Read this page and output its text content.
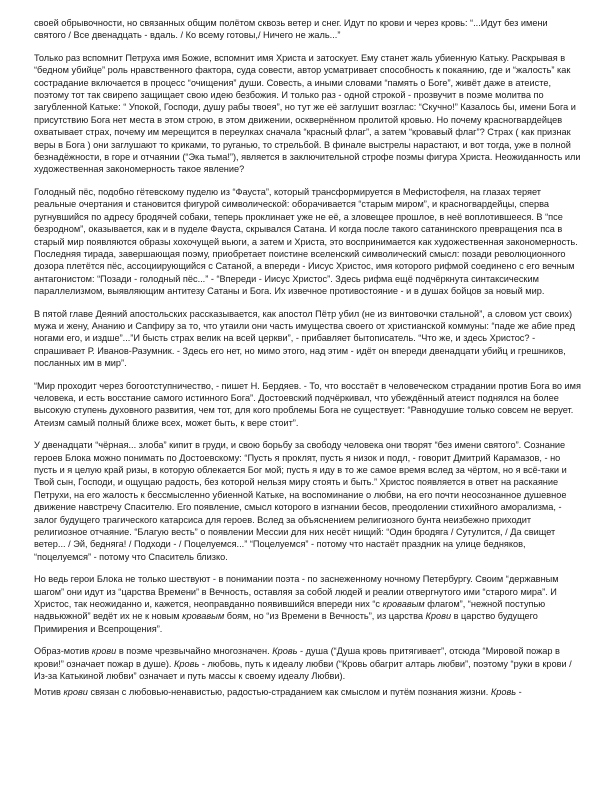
своей обрывочности, но связанных общим полётом сквозь ветер и снег. Идут по крови и через кровь: “...Идут без имени святого / Все двенадцать - вдаль. / Ко всему готовы,/ Ничего не жаль...”

Только раз вспомнит Петруха имя Божие, вспомнит имя Христа и затоскует. Ему станет жаль убиенную Катьку. Раскрывая в “бедном убийце” роль нравственного фактора, суда совести, автор усматривает способность к покаянию, где и “жалость” как сострадание включается в процесс “очищения” души. Совесть, а иными словами “память о Боге”, живёт даже в атеисте, поэтому тот так свирепо защищает свою идею безбожия. И только раз - одной строкой - прозвучит в поэме молитва по загубленной Катьке: “ Упокой, Господи, душу рабы твоея”, но тут же её заглушит возглас: “Скучно!” Казалось бы, имени Бога и присутствию Бога нет места в этом строю, в этом движении, осквернённом пролитой кровью. Но почему красногвардейцев охватывает страх, почему им мерещится в переулках сначала “красный флаг”, а затем “кровавый флаг”? Страх ( как признак веры в Бога ) они заглушают то криками, то руганью, то стрельбой. В финале выстрелы нарастают, и вот тогда, уже в полной безнадёжности, в горе и отчаянии (“Эка тьма!”), является в заключительной строфе поэмы фигура Христа. Неожиданность или художественная закономерность такое явление?

Голодный пёс, подобно гётевскому пуделю из “Фауста”, который трансформируется в Мефистофеля, на глазах теряет реальные очертания и становится фигурой символической: оборачивается “старым миром”, и красногвардейцы, сперва ругнувшийся по адресу бродячей собаки, теперь проклинает уже не её, а зловещее прошлое, в неё воплотившееся. В “псе безродном”, оказывается, как и в пуделе Фауста, скрывался Сатана. И когда после такого сатанинского превращения пса в старый мир появляются образы хохочущей вьюги, а затем и Христа, это воспринимается как художественная закономерность. Последняя тирада, завершающая поэму, приобретает поистине вселенский символический смысл: позади революционного дозора плетётся пёс, ассоциирующийся с Сатаной, а впереди - Иисус Христос, имя которого рифмой соединено с его вечным антагонистом: “Позади - голодный пёс...” - “Впереди - Иисус Христос”. Здесь рифма ещё подчёркнута синтаксическим параллелизмом, выявляющим антитезу Сатаны и Бога. Их извечное противостояние - и в душах бойцов за новый мир.

В пятой главе Деяний апостольских рассказывается, как апостол Пётр убил (не из винтовочки стальной”, а словом уст своих) мужа и жену, Ананию и Сапфиру за то, что утаили они часть имущества своего от христианской коммуны: “паде же абие пред ногами его, и издше”...”И бысть страх велик на всей церкви”, - прибавляет бытописатель. “Что же, и здесь Христос? - спрашивает Р. Иванов-Разумник. - Здесь его нет, но мимо этого, над этим - идёт он впереди двенадцати убийц и грешников, посланных им в мир”.

“Мир проходит через богоотступничество, - пишет Н. Бердяев. - То, что восстаёт в человеческом страдании против Бога во имя человека, и есть восстание самого истинного Бога”. Достоевский подчёркивал, что убеждённый атеист поднялся на более высокую ступень духовного развития, чем тот, для кого проблемы Бога не существует: “Равнодушие только совсем не верует. Атеизм самый полный ближе всех, может быть, к вере стоит”.

У двенадцати “чёрная... злоба” кипит в груди, и свою борьбу за свободу человека они творят “без имени святого”. Сознание героев Блока можно понимать по Достоевскому: “Пусть я проклят, пусть я низок и подл, - говорит Дмитрий Карамазов, - но пусть и я целую край ризы, в которую облекается Бог мой; пусть я иду в то же самое время вслед за чёртом, но я всё-таки и Твой сын, Господи, и ощущаю радость, без которой нельзя миру стоять и быть.” Христос появляется в ответ на раскаяние Петрухи, на его жалость к бессмысленно убиенной Катьке, на воспоминание о любви, на его почти неосознанное душевное движение навстречу Спасителю. Его появление, смысл которого в изгнании бесов, преодолении стихийного аморализма, - залог будущего трагического катарсиса для героев. Вслед за объяснением религиозного бунта неизбежно приходит религиозное отчаяние. “Благую весть” о появлении Мессии для них несёт нищий: “Один бродяга / Сутулится, / Да свищет ветер... / Эй, бедняга! / Подходи - / Поцелуемся...” “Поцелуемся” - потому что настаёт праздник на улице бедняков, “поцелуемся” - потому что Спаситель близко.

Но ведь герои Блока не только шествуют - в понимании поэта - по заснеженному ночному Петербургу. Своим “державным шагом” они идут из “царства Времени” в Вечность, оставляя за собой людей и реалии отвергнутого ими “старого мира”. И Христос, так неожиданно и, кажется, неоправданно появившийся впереди них “с кровавым флагом”, “нежной поступью надвьюжной” ведёт их не к новым кровавым боям, но “из Времени в Вечность”, из царства Крови в царство будущего Примирения и Всепрощения”.

Образ-мотив крови в поэме чрезвычайно многозначен. Кровь - душа (“Душа кровь притягивает”, отсюда “Мировой пожар в крови!” означает пожар в душе). Кровь - любовь, путь к идеалу любви (“Кровь обагрит алтарь любви”, поэтому “руки в крови / Из-за Катькиной любви” означает и путь массы к своему идеалу Любви).

Мотив крови связан с любовью-ненавистью, радостью-страданием как смыслом и путём познания жизни. Кровь -
